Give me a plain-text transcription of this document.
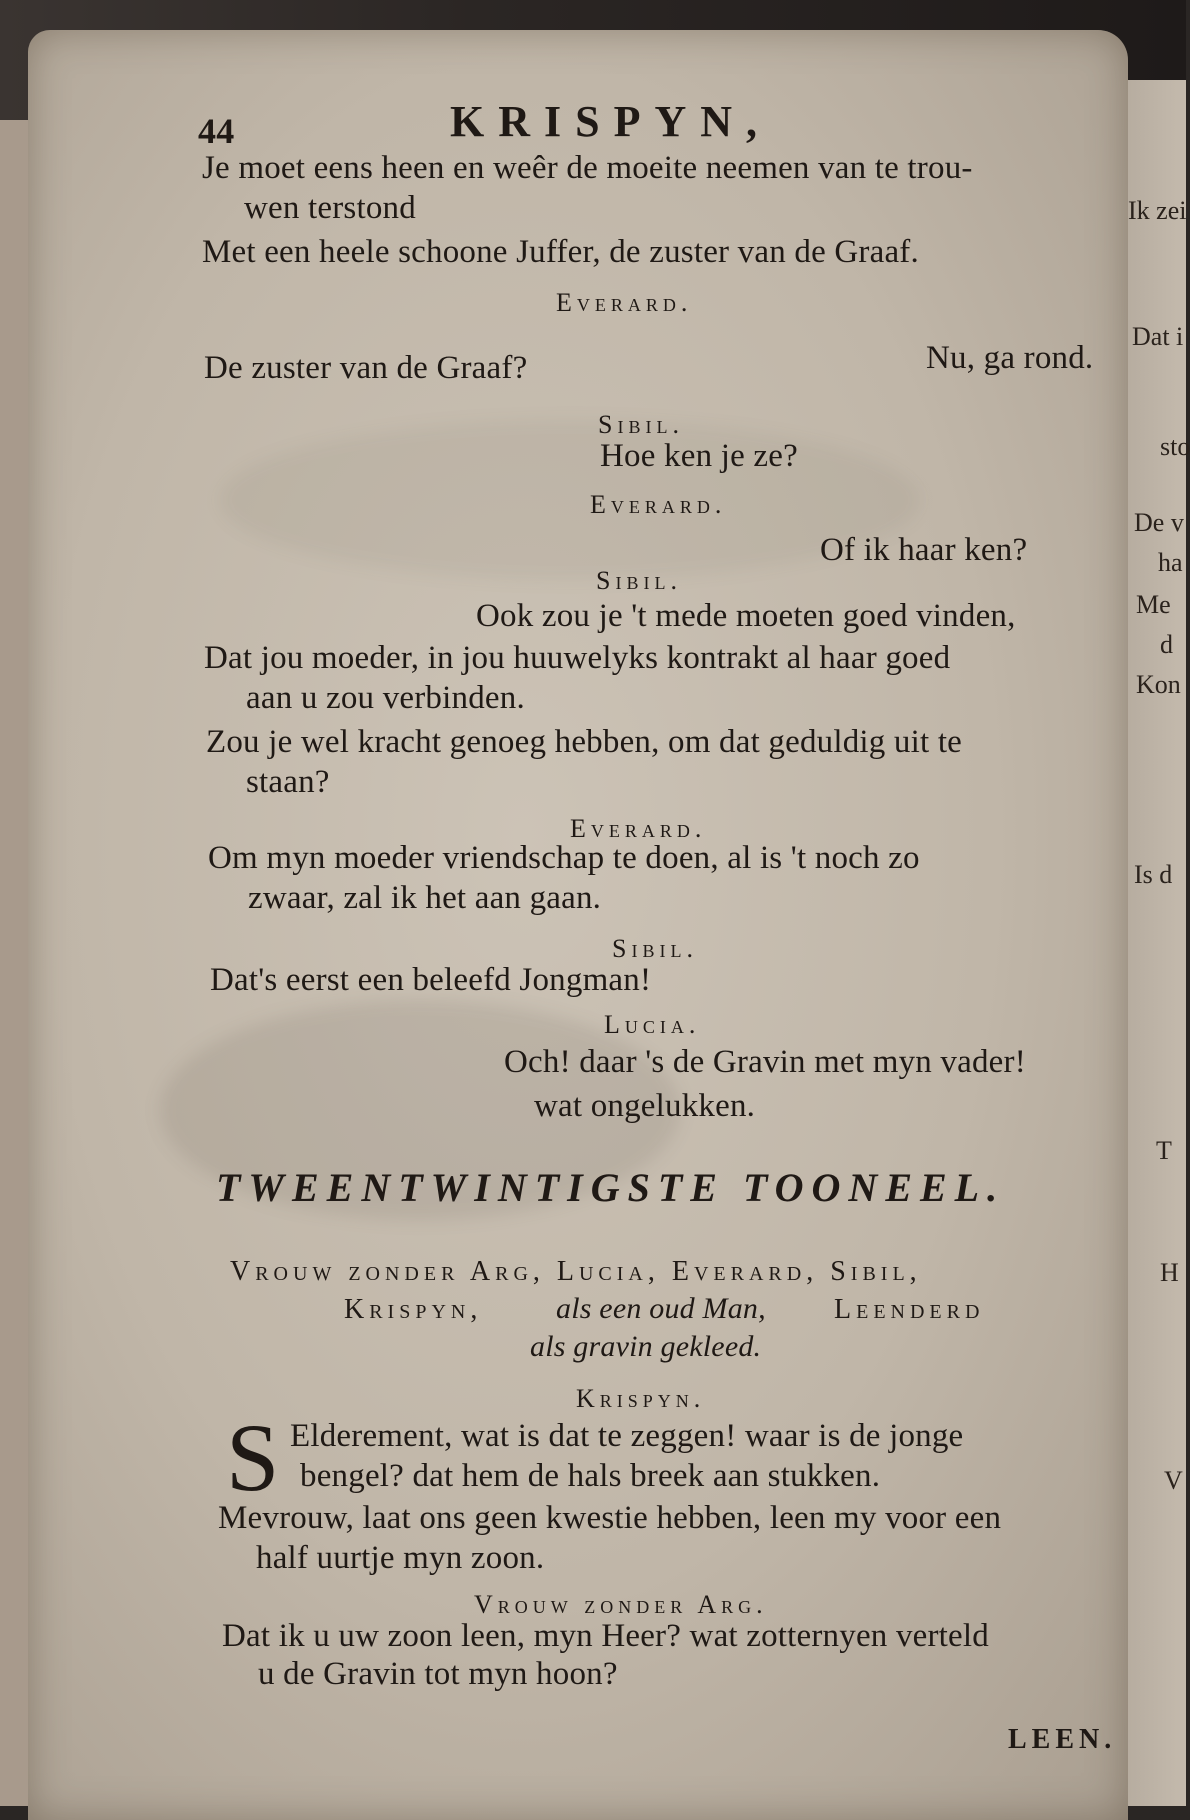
Ik zei
Dat i
sto
De v
ha
Me
d
Kon
Is d
T
H
V
44	KRISPYN,
Je moet eens heen en weêr de moeite neemen van te trou-
wen terstond
Met een heele schoone Juffer, de zuster van de Graaf.
Everard.
Nu, ga rond.
De zuster van de Graaf?
Sibil.
Hoe ken je ze?
Everard.
Of ik haar ken?
Sibil.
Ook zou je 't mede moeten goed vinden,
Dat jou moeder, in jou huuwelyks kontrakt al haar goed
aan u zou verbinden.
Zou je wel kracht genoeg hebben, om dat geduldig uit te
staan?
Everard.
Om myn moeder vriendschap te doen, al is 't noch zo
zwaar, zal ik het aan gaan.
Sibil.
Dat's eerst een beleefd Jongman!
Lucia.
Och! daar 's de Gravin met myn vader!
wat ongelukken.
TWEENTWINTIGSTE TOONEEL.
Vrouw zonder Arg, Lucia, Everard, Sibil,
Krispyn, als een oud Man, Leenderd
als gravin gekleed.
Krispyn.
S Elderement, wat is dat te zeggen! waar is de jonge
bengel? dat hem de hals breek aan stukken.
Mevrouw, laat ons geen kwestie hebben, leen my voor een
half uurtje myn zoon.
Vrouw zonder Arg.
Dat ik u uw zoon leen, myn Heer? wat zotternyen verteld
u de Gravin tot myn hoon?
LEEN.
